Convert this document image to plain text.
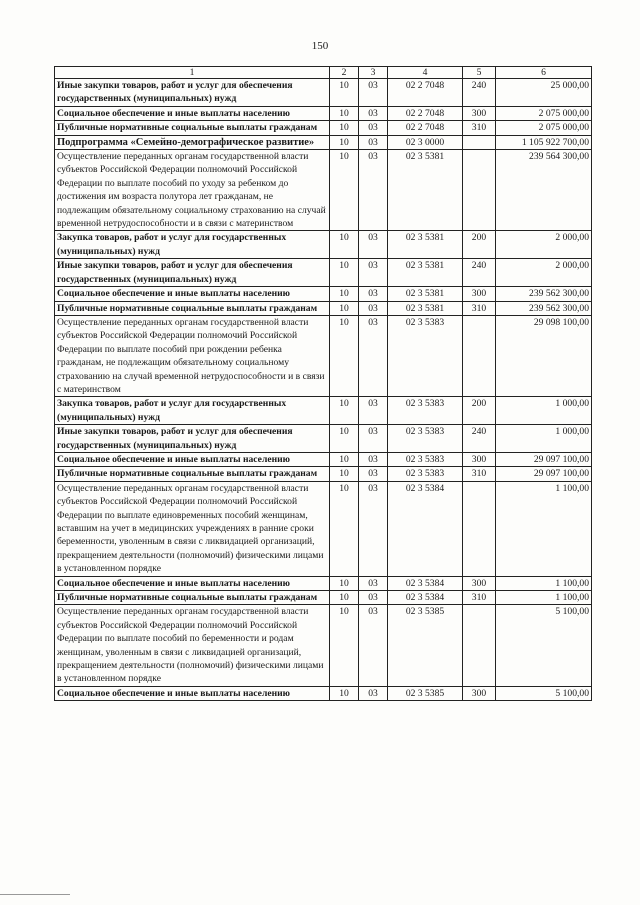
150
1	2	3	4	5	6
Иные закупки товаров, работ и услуг для обеспечения государственных (муниципальных) нужд	10	03	02 2 7048	240	25 000,00
Социальное обеспечение и иные выплаты населению	10	03	02 2 7048	300	2 075 000,00
Публичные нормативные социальные выплаты гражданам	10	03	02 2 7048	310	2 075 000,00
Подпрограмма «Семейно-демографическое развитие»	10	03	02 3 0000		1 105 922 700,00
Осуществление переданных органам государственной власти субъектов Российской Федерации полномочий Российской Федерации по выплате пособий по уходу за ребенком до достижения им возраста полутора лет гражданам, не подлежащим обязательному социальному страхованию на случай временной нетрудоспособности и в связи с материнством	10	03	02 3 5381		239 564 300,00
Закупка товаров, работ и услуг для государственных (муниципальных) нужд	10	03	02 3 5381	200	2 000,00
Иные закупки товаров, работ и услуг для обеспечения государственных (муниципальных) нужд	10	03	02 3 5381	240	2 000,00
Социальное обеспечение и иные выплаты населению	10	03	02 3 5381	300	239 562 300,00
Публичные нормативные социальные выплаты гражданам	10	03	02 3 5381	310	239 562 300,00
Осуществление переданных органам государственной власти субъектов Российской Федерации полномочий Российской Федерации по выплате пособий при рождении ребенка гражданам, не подлежащим обязательному социальному страхованию на случай временной нетрудоспособности и в связи с материнством	10	03	02 3 5383		29 098 100,00
Закупка товаров, работ и услуг для государственных (муниципальных) нужд	10	03	02 3 5383	200	1 000,00
Иные закупки товаров, работ и услуг для обеспечения государственных (муниципальных) нужд	10	03	02 3 5383	240	1 000,00
Социальное обеспечение и иные выплаты населению	10	03	02 3 5383	300	29 097 100,00
Публичные нормативные социальные выплаты гражданам	10	03	02 3 5383	310	29 097 100,00
Осуществление переданных органам государственной власти субъектов Российской Федерации полномочий Российской Федерации по выплате единовременных пособий женщинам, вставшим на учет в медицинских учреждениях в ранние сроки беременности, уволенным в связи с ликвидацией организаций, прекращением деятельности (полномочий) физическими лицами в установленном порядке	10	03	02 3 5384		1 100,00
Социальное обеспечение и иные выплаты населению	10	03	02 3 5384	300	1 100,00
Публичные нормативные социальные выплаты гражданам	10	03	02 3 5384	310	1 100,00
Осуществление переданных органам государственной власти субъектов Российской Федерации полномочий Российской Федерации по выплате пособий по беременности и родам женщинам, уволенным в связи с ликвидацией организаций, прекращением деятельности (полномочий) физическими лицами в установленном порядке	10	03	02 3 5385		5 100,00
Социальное обеспечение и иные выплаты населению	10	03	02 3 5385	300	5 100,00
